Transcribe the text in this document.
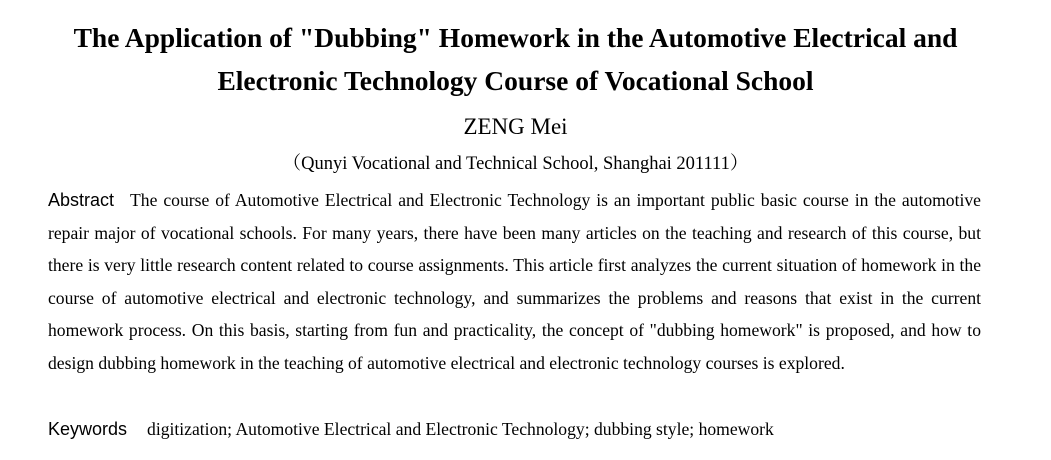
The Application of "Dubbing" Homework in the Automotive Electrical and
Electronic Technology Course of Vocational School

ZENG Mei

（Qunyi Vocational and Technical School, Shanghai 201111）

Abstract The course of Automotive Electrical and Electronic Technology is an important public basic course in the automotive repair major of vocational schools. For many years, there have been many articles on the teaching and research of this course, but there is very little research content related to course assignments. This article first analyzes the current situation of homework in the course of automotive electrical and electronic technology, and summarizes the problems and reasons that exist in the current homework process. On this basis, starting from fun and practicality, the concept of "dubbing homework" is proposed, and how to design dubbing homework in the teaching of automotive electrical and electronic technology courses is explored.

Keywords digitization; Automotive Electrical and Electronic Technology; dubbing style; homework
